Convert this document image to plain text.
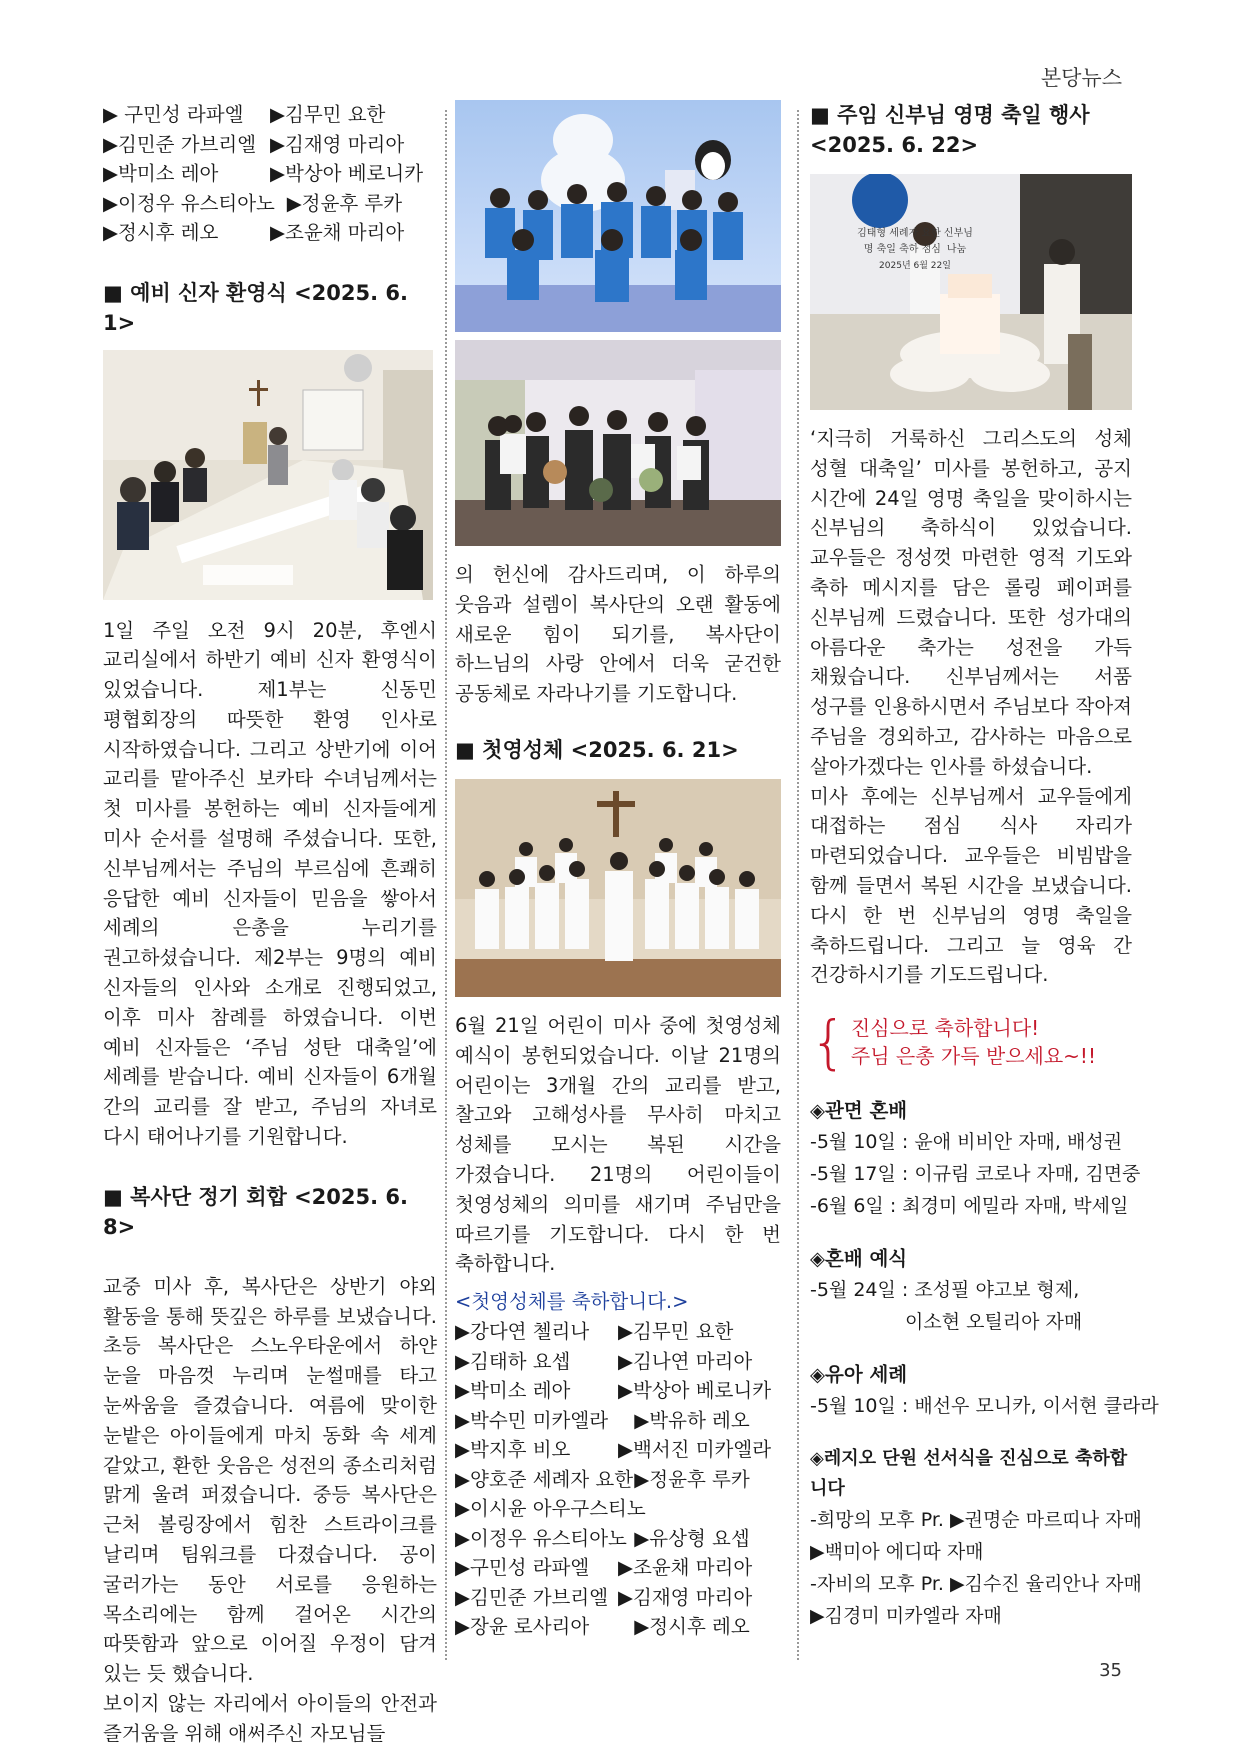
본당뉴스
▶ 구민성 라파엘	▶김무민 요한
▶김민준 가브리엘 ▶김재영 마리아
▶박미소 레아	▶박상아 베로니카
▶이정우 유스티아노 ▶정윤후 루카
▶정시후 레오	▶조윤채 마리아

■ 예비 신자 환영식 <2025. 6. 1>

1일 주일 오전 9시 20분, 후엔시 교리실에서 하반기 예비 신자 환영식이 있었습니다. 제1부는 신동민 평협회장의 따뜻한 환영 인사로 시작하였습니다. 그리고 상반기에 이어 교리를 맡아주신 보카타 수녀님께서는 첫 미사를 봉헌하는 예비 신자들에게 미사 순서를 설명해 주셨습니다. 또한, 신부님께서는 주님의 부르심에 흔쾌히 응답한 예비 신자들이 믿음을 쌓아서 세례의 은총을 누리기를 권고하셨습니다. 제2부는 9명의 예비 신자들의 인사와 소개로 진행되었고, 이후 미사 참례를 하였습니다. 이번 예비 신자들은 ‘주님 성탄 대축일’에 세례를 받습니다. 예비 신자들이 6개월 간의 교리를 잘 받고, 주님의 자녀로 다시 태어나기를 기원합니다.

■ 복사단 정기 회합 <2025. 6. 8>

교중 미사 후, 복사단은 상반기 야외 활동을 통해 뜻깊은 하루를 보냈습니다. 초등 복사단은 스노우타운에서 하얀 눈을 마음껏 누리며 눈썰매를 타고 눈싸움을 즐겼습니다. 여름에 맞이한 눈밭은 아이들에게 마치 동화 속 세계 같았고, 환한 웃음은 성전의 종소리처럼 맑게 울려 퍼졌습니다. 중등 복사단은 근처 볼링장에서 힘찬 스트라이크를 날리며 팀워크를 다졌습니다. 공이 굴러가는 동안 서로를 응원하는 목소리에는 함께 걸어온 시간의 따뜻함과 앞으로 이어질 우정이 담겨 있는 듯 했습니다.

보이지 않는 자리에서 아이들의 안전과 즐거움을 위해 애써주신 자모님들

의 헌신에 감사드리며, 이 하루의 웃음과 설렘이 복사단의 오랜 활동에 새로운 힘이 되기를, 복사단이 하느님의 사랑 안에서 더욱 굳건한 공동체로 자라나기를 기도합니다.

■ 첫영성체 <2025. 6. 21>

6월 21일 어린이 미사 중에 첫영성체 예식이 봉헌되었습니다. 이날 21명의 어린이는 3개월 간의 교리를 받고, 찰고와 고해성사를 무사히 마치고 성체를 모시는 복된 시간을 가졌습니다. 21명의 어린이들이 첫영성체의 의미를 새기며 주님만을 따르기를 기도합니다. 다시 한 번 축하합니다.

<첫영성체를 축하합니다.>
▶강다연 첼리나	▶김무민 요한
▶김태하 요셉	▶김나연 마리아
▶박미소 레아	▶박상아 베로니카
▶박수민 미카엘라	▶박유하 레오
▶박지후 비오	▶백서진 미카엘라
▶양호준 세례자 요한 ▶정윤후 루카
▶이시윤 아우구스티노
▶이정우 유스티아노 ▶유상형 요셉
▶구민성 라파엘	▶조윤채 마리아
▶김민준 가브리엘 ▶김재영 마리아
▶장윤 로사리아	▶정시후 레오

■ 주임 신부님 영명 축일 행사

<2025. 6. 22>

김태형 세례자 요한 신부님
명 축일 축하 점심 나눔
2025년 6월 22일

‘지극히 거룩하신 그리스도의 성체 성혈 대축일’ 미사를 봉헌하고, 공지 시간에 24일 영명 축일을 맞이하시는 신부님의 축하식이 있었습니다. 교우들은 정성껏 마련한 영적 기도와 축하 메시지를 담은 롤링 페이퍼를 신부님께 드렸습니다. 또한 성가대의 아름다운 축가는 성전을 가득 채웠습니다. 신부님께서는 서품 성구를 인용하시면서 주님보다 작아져 주님을 경외하고, 감사하는 마음으로 살아가겠다는 인사를 하셨습니다.

미사 후에는 신부님께서 교우들에게 대접하는 점심 식사 자리가 마련되었습니다. 교우들은 비빔밥을 함께 들면서 복된 시간을 보냈습니다. 다시 한 번 신부님의 영명 축일을 축하드립니다. 그리고 늘 영육 간 건강하시기를 기도드립니다.

{ 진심으로 축하합니다!
주님 은총 가득 받으세요~!!
◈관면 혼배
-5월 10일 : 윤애 비비안 자매, 배성권
-5월 17일 : 이규림 코로나 자매, 김면중
-6월 6일 : 최경미 에밀라 자매, 박세일
◈혼배 예식
-5월 24일 : 조성필 야고보 형제,
이소현 오틸리아 자매
◈유아 세례
-5월 10일 : 배선우 모니카, 이서현 클라라
◈레지오 단원 선서식을 진심으로 축하합니다
-희망의 모후 Pr. ▶권명순 마르띠나 자매
▶백미아 에디따 자매
-자비의 모후 Pr. ▶김수진 율리안나 자매
▶김경미 미카엘라 자매
35
